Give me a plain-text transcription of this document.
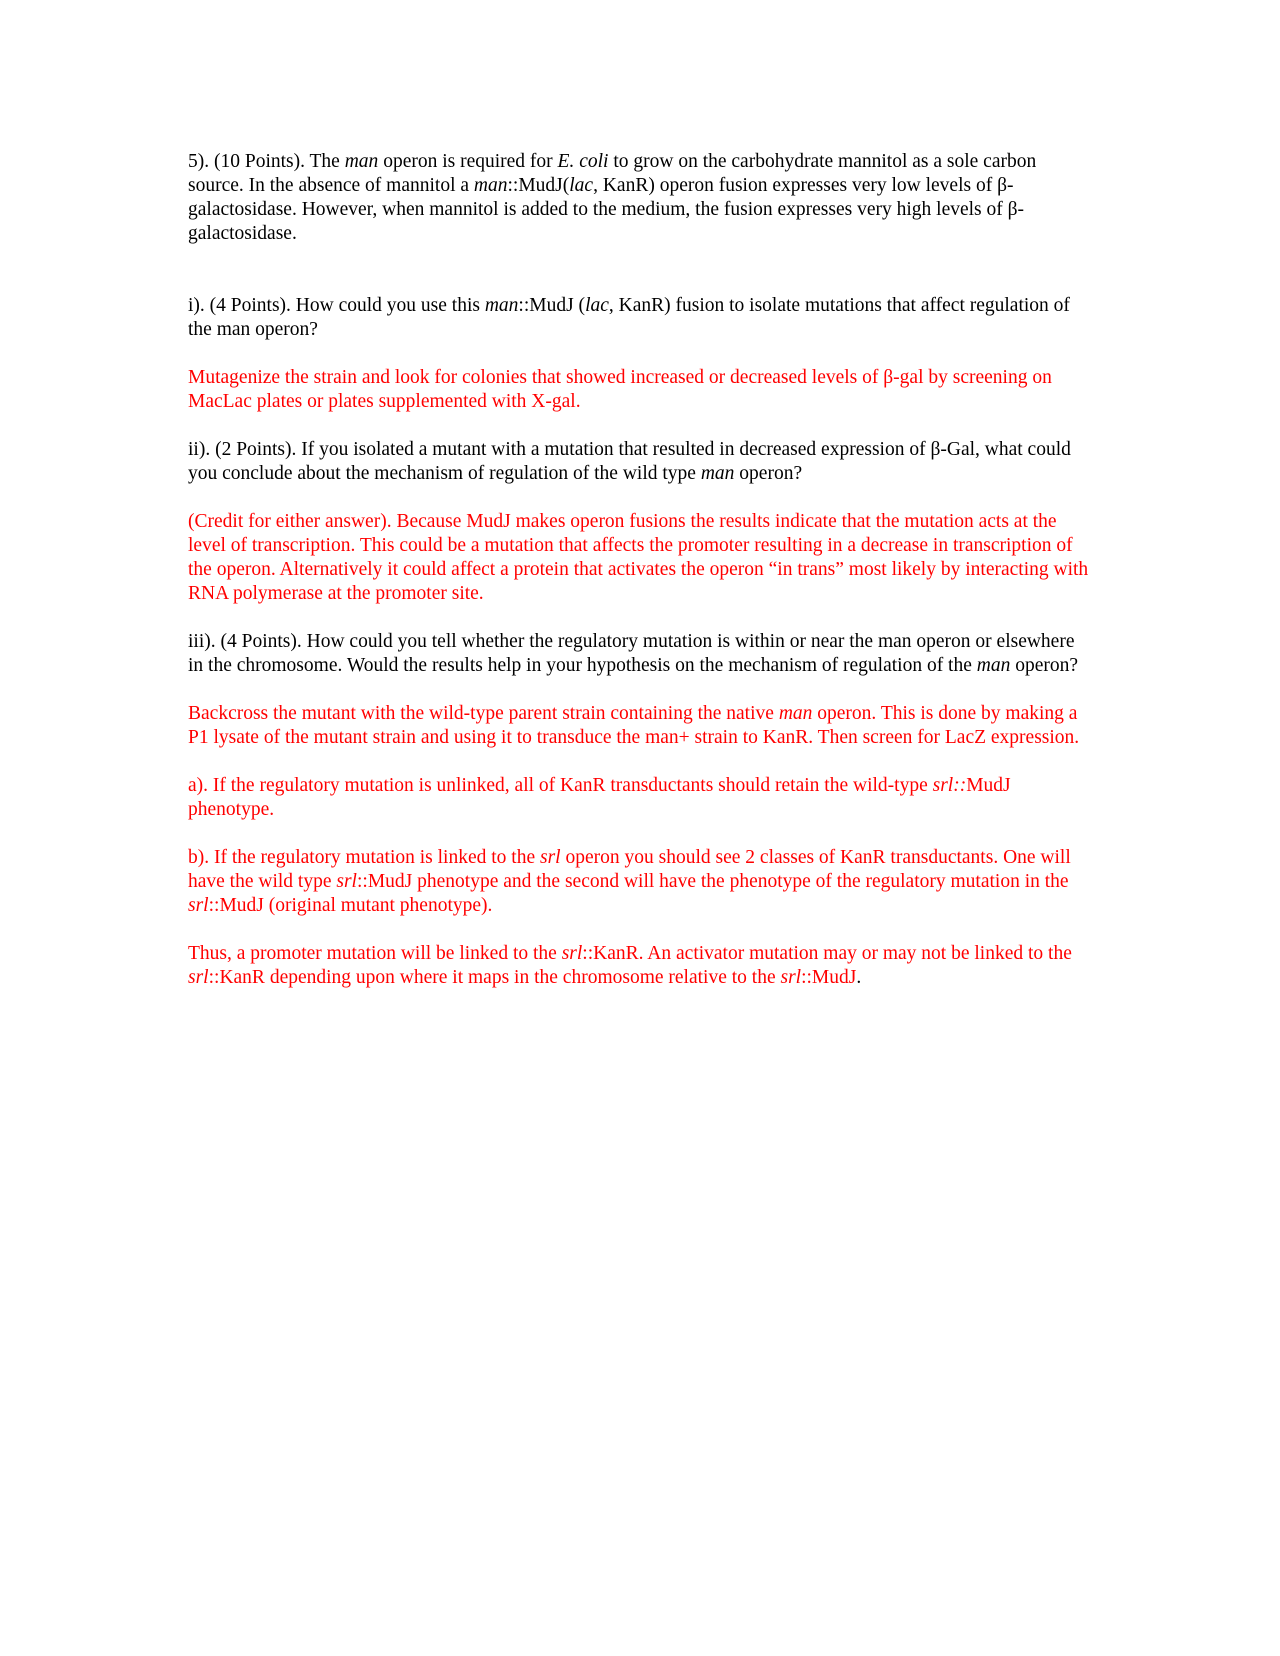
5). (10 Points). The man operon is required for E. coli to grow on the carbohydrate mannitol as a sole carbon source. In the absence of mannitol a man::MudJ(lac, KanR) operon fusion expresses very low levels of β-galactosidase. However, when mannitol is added to the medium, the fusion expresses very high levels of β-galactosidase.

i). (4 Points). How could you use this man::MudJ (lac, KanR) fusion to isolate mutations that affect regulation of the man operon?

Mutagenize the strain and look for colonies that showed increased or decreased levels of β-gal by screening on MacLac plates or plates supplemented with X-gal.

ii). (2 Points). If you isolated a mutant with a mutation that resulted in decreased expression of β-Gal, what could you conclude about the mechanism of regulation of the wild type man operon?

(Credit for either answer). Because MudJ makes operon fusions the results indicate that the mutation acts at the level of transcription. This could be a mutation that affects the promoter resulting in a decrease in transcription of the operon. Alternatively it could affect a protein that activates the operon “in trans” most likely by interacting with RNA polymerase at the promoter site.

iii). (4 Points). How could you tell whether the regulatory mutation is within or near the man operon or elsewhere in the chromosome. Would the results help in your hypothesis on the mechanism of regulation of the man operon?

Backcross the mutant with the wild-type parent strain containing the native man operon. This is done by making a P1 lysate of the mutant strain and using it to transduce the man+ strain to KanR. Then screen for LacZ expression.

a). If the regulatory mutation is unlinked, all of KanR transductants should retain the wild-type srl::MudJ phenotype.

b). If the regulatory mutation is linked to the srl operon you should see 2 classes of KanR transductants. One will have the wild type srl::MudJ phenotype and the second will have the phenotype of the regulatory mutation in the srl::MudJ (original mutant phenotype).

Thus, a promoter mutation will be linked to the srl::KanR. An activator mutation may or may not be linked to the srl::KanR depending upon where it maps in the chromosome relative to the srl::MudJ.
